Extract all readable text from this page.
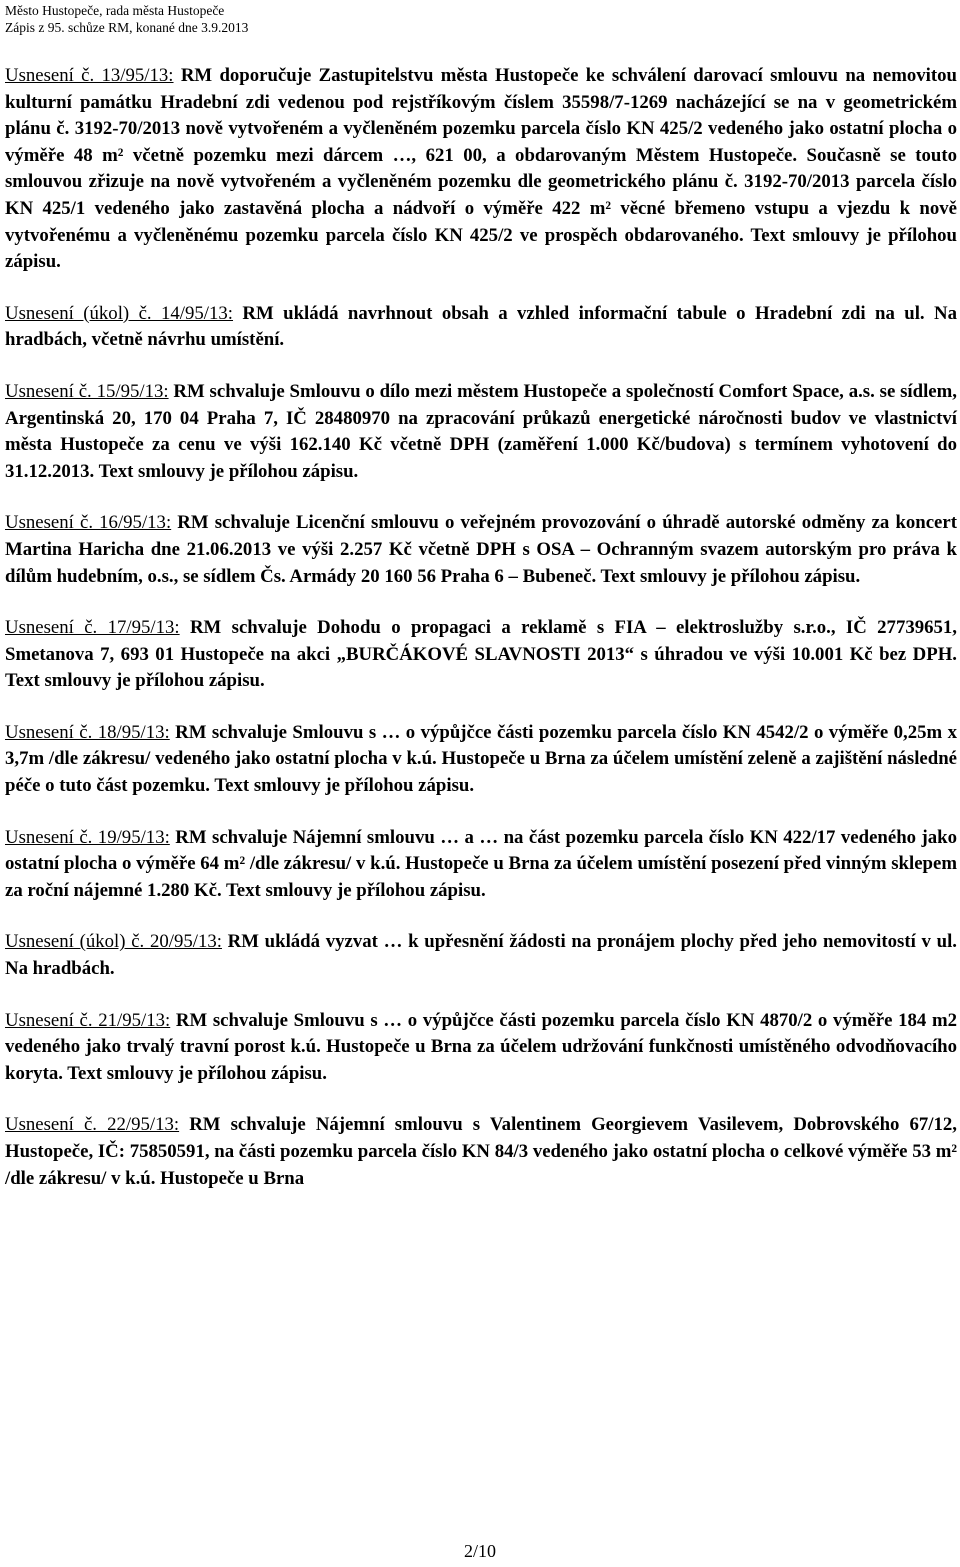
Město Hustopeče, rada města Hustopeče
Zápis z 95. schůze RM, konané dne 3.9.2013

Usnesení č. 13/95/13: RM doporučuje Zastupitelstvu města Hustopeče ke schválení darovací smlouvu na nemovitou kulturní památku Hradební zdi vedenou pod rejstříkovým číslem 35598/7-1269 nacházející se na v geometrickém plánu č. 3192-70/2013 nově vytvořeném a vyčleněném pozemku parcela číslo KN 425/2 vedeného jako ostatní plocha o výměře 48 m² včetně pozemku mezi dárcem …, 621 00, a obdarovaným Městem Hustopeče. Současně se touto smlouvou zřizuje na nově vytvořeném a vyčleněném pozemku dle geometrického plánu č. 3192-70/2013 parcela číslo KN 425/1 vedeného jako zastavěná plocha a nádvoří o výměře 422 m² věcné břemeno vstupu a vjezdu k nově vytvořenému a vyčleněnému pozemku parcela číslo KN 425/2 ve prospěch obdarovaného. Text smlouvy je přílohou zápisu.

Usnesení (úkol) č. 14/95/13: RM ukládá navrhnout obsah a vzhled informační tabule o Hradební zdi na ul. Na hradbách, včetně návrhu umístění.

Usnesení č. 15/95/13: RM schvaluje Smlouvu o dílo mezi městem Hustopeče a společností Comfort Space, a.s. se sídlem, Argentinská 20, 170 04 Praha 7, IČ 28480970 na zpracování průkazů energetické náročnosti budov ve vlastnictví města Hustopeče za cenu ve výši 162.140 Kč včetně DPH (zaměření 1.000 Kč/budova) s termínem vyhotovení do 31.12.2013. Text smlouvy je přílohou zápisu.

Usnesení č. 16/95/13: RM schvaluje Licenční smlouvu o veřejném provozování o úhradě autorské odměny za koncert Martina Haricha dne 21.06.2013 ve výši 2.257 Kč včetně DPH s OSA – Ochranným svazem autorským pro práva k dílům hudebním, o.s., se sídlem Čs. Armády 20 160 56 Praha 6 – Bubeneč. Text smlouvy je přílohou zápisu.

Usnesení č. 17/95/13: RM schvaluje Dohodu o propagaci a reklamě s FIA – elektroslužby s.r.o., IČ 27739651, Smetanova 7, 693 01 Hustopeče na akci „BURČÁKOVÉ SLAVNOSTI 2013“ s úhradou ve výši 10.001 Kč bez DPH. Text smlouvy je přílohou zápisu.

Usnesení č. 18/95/13: RM schvaluje Smlouvu s … o výpůjčce části pozemku parcela číslo KN 4542/2 o výměře 0,25m x 3,7m /dle zákresu/ vedeného jako ostatní plocha v k.ú. Hustopeče u Brna za účelem umístění zeleně a zajištění následné péče o tuto část pozemku. Text smlouvy je přílohou zápisu.

Usnesení č. 19/95/13: RM schvaluje Nájemní smlouvu … a … na část pozemku parcela číslo KN 422/17 vedeného jako ostatní plocha o výměře 64 m² /dle zákresu/ v k.ú. Hustopeče u Brna za účelem umístění posezení před vinným sklepem za roční nájemné 1.280 Kč. Text smlouvy je přílohou zápisu.

Usnesení (úkol) č. 20/95/13: RM ukládá vyzvat … k upřesnění žádosti na pronájem plochy před jeho nemovitostí v ul. Na hradbách.

Usnesení č. 21/95/13: RM schvaluje Smlouvu s … o výpůjčce části pozemku parcela číslo KN 4870/2 o výměře 184 m2 vedeného jako trvalý travní porost k.ú. Hustopeče u Brna za účelem udržování funkčnosti umístěného odvodňovacího koryta. Text smlouvy je přílohou zápisu.

Usnesení č. 22/95/13: RM schvaluje Nájemní smlouvu s Valentinem Georgievem Vasilevem, Dobrovského 67/12, Hustopeče, IČ: 75850591, na části pozemku parcela číslo KN 84/3 vedeného jako ostatní plocha o celkové výměře 53 m² /dle zákresu/ v k.ú. Hustopeče u Brna

2/10
